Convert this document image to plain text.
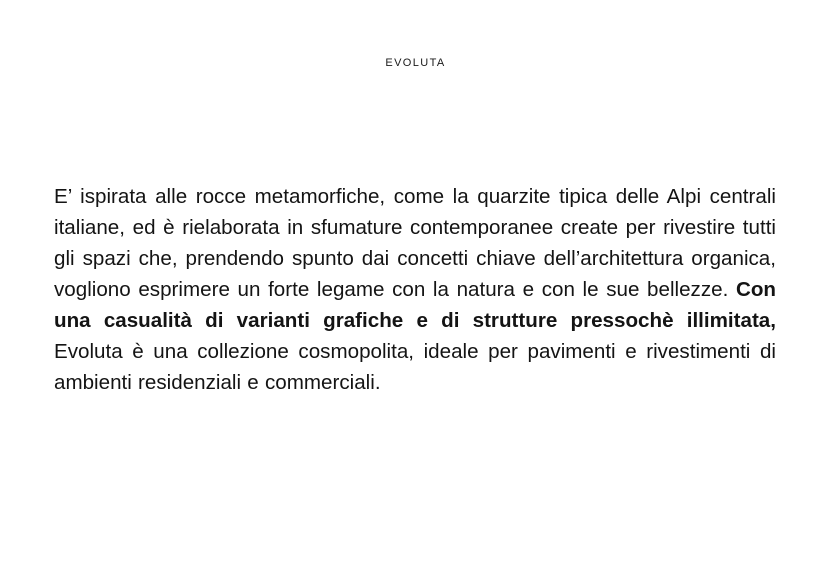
EVOLUTA

E’ ispirata alle rocce metamorfiche, come la quarzite tipica delle Alpi centrali italiane, ed è rielaborata in sfumature contemporanee create per rivestire tutti gli spazi che, prendendo spunto dai concetti chiave dell’architettura organica, vogliono esprimere un forte legame con la natura e con le sue bellezze. Con una casualità di varianti grafiche e di strutture pressochè illimitata, Evoluta è una collezione cosmopolita, ideale per pavimenti e rivestimenti di ambienti residenziali e commerciali.
